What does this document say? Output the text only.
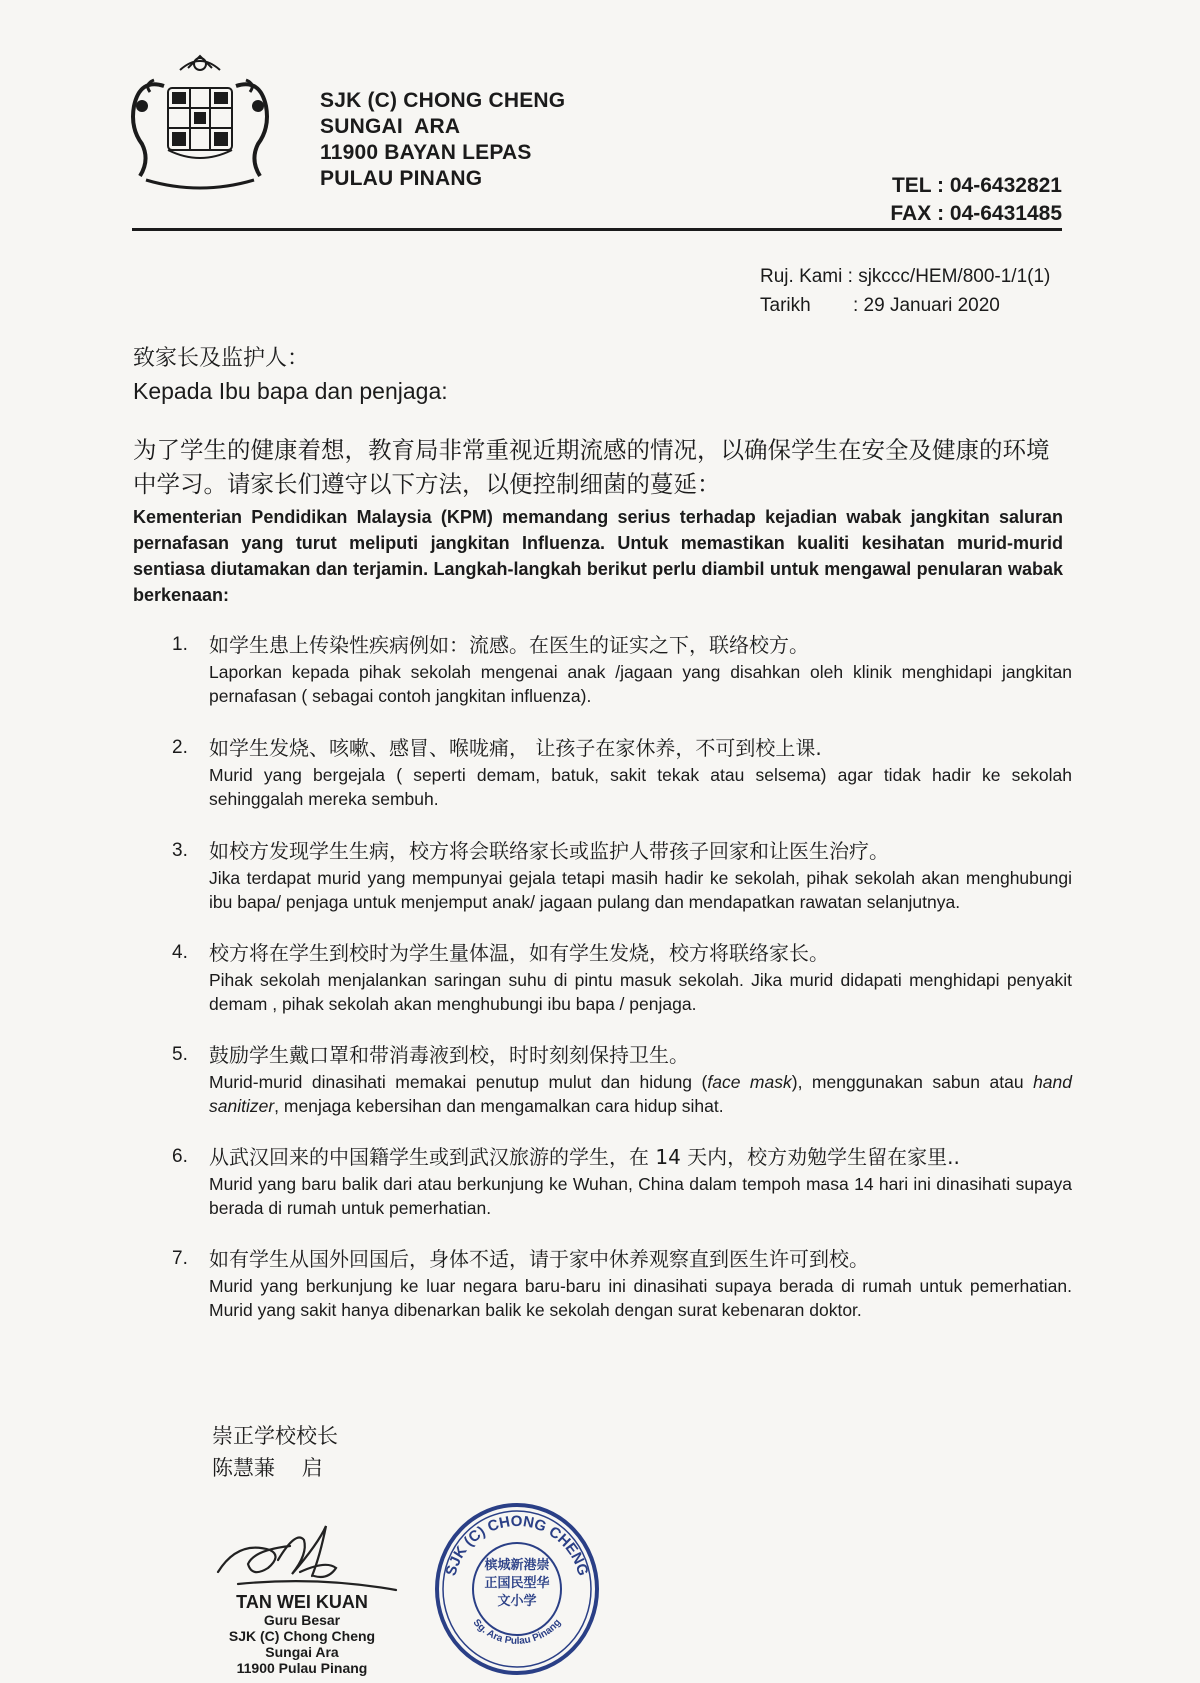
SJK (C) CHONG CHENG
SUNGAI  ARA
11900 BAYAN LEPAS
PULAU PINANG	TEL : 04-6432821
FAX : 04-6431485
Ruj. Kami : sjkccc/HEM/800-1/1(1)
Tarikh : 29 Januari 2020
致家长及监护人：
Kepada Ibu bapa dan penjaga:

为了学生的健康着想，教育局非常重视近期流感的情况，以确保学生在安全及健康的环境中学习。请家长们遵守以下方法，以便控制细菌的蔓延：

Kementerian Pendidikan Malaysia (KPM) memandang serius terhadap kejadian wabak jangkitan saluran pernafasan yang turut meliputi jangkitan Influenza. Untuk memastikan kualiti kesihatan murid-murid sentiasa diutamakan dan terjamin. Langkah-langkah berikut perlu diambil untuk mengawal penularan wabak berkenaan:

1. 如学生患上传染性疾病例如：流感。在医生的证实之下，联络校方。
Laporkan kepada pihak sekolah mengenai anak /jagaan yang disahkan oleh klinik menghidapi jangkitan pernafasan ( sebagai contoh jangkitan influenza).
2. 如学生发烧、咳嗽、感冒、喉咙痛， 让孩子在家休养，不可到校上课.
Murid yang bergejala ( seperti demam, batuk, sakit tekak atau selsema) agar tidak hadir ke sekolah sehinggalah mereka sembuh.
3. 如校方发现学生生病，校方将会联络家长或监护人带孩子回家和让医生治疗。
Jika terdapat murid yang mempunyai gejala tetapi masih hadir ke sekolah, pihak sekolah akan menghubungi ibu bapa/ penjaga untuk menjemput anak/ jagaan pulang dan mendapatkan rawatan selanjutnya.
4. 校方将在学生到校时为学生量体温，如有学生发烧，校方将联络家长。
Pihak sekolah menjalankan saringan suhu di pintu masuk sekolah. Jika murid didapati menghidapi penyakit demam , pihak sekolah akan menghubungi ibu bapa / penjaga.
5. 鼓励学生戴口罩和带消毒液到校，时时刻刻保持卫生。
Murid-murid dinasihati memakai penutup mulut dan hidung (face mask), menggunakan sabun atau hand sanitizer, menjaga kebersihan dan mengamalkan cara hidup sihat.
6. 从武汉回来的中国籍学生或到武汉旅游的学生，在 14 天内，校方劝勉学生留在家里..
Murid yang baru balik dari atau berkunjung ke Wuhan, China dalam tempoh masa 14 hari ini dinasihati supaya berada di rumah untuk pemerhatian.
7. 如有学生从国外回国后，身体不适，请于家中休养观察直到医生许可到校。
Murid yang berkunjung ke luar negara baru-baru ini dinasihati supaya berada di rumah untuk pemerhatian. Murid yang sakit hanya dibenarkan balik ke sekolah dengan surat kebenaran doktor.
崇正学校校长
陈慧蒹    启
TAN WEI KUAN
Guru Besar
SJK (C) Chong Cheng
Sungai Ara
11900 Pulau Pinang
SJK (C) CHONG CHENG
Sg. Ara Pulau Pinang
槟城新港崇正国民型华文小学
